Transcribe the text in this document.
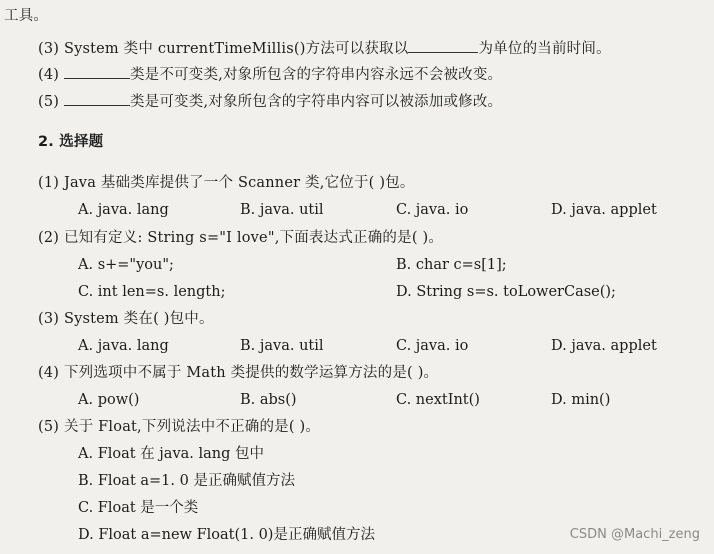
工具。
(3) System 类中 currentTimeMillis()方法可以获取以	为单位的当前时间。
(4)	类是不可变类,对象所包含的字符串内容永远不会被改变。
(5)	类是可变类,对象所包含的字符串内容可以被添加或修改。
2. 选择题
(1) Java 基础类库提供了一个 Scanner 类,它位于( )包。
A. java. lang	B. java. util	C. java. io	D. java. applet
(2) 已知有定义: String s="I love",下面表达式正确的是( )。
A. s+="you";	B. char c=s[1];
C. int len=s. length;	D. String s=s. toLowerCase();
(3) System 类在( )包中。
A. java. lang	B. java. util	C. java. io	D. java. applet
(4) 下列选项中不属于 Math 类提供的数学运算方法的是( )。
A. pow()	B. abs()	C. nextInt()	D. min()
(5) 关于 Float,下列说法中不正确的是( )。
A. Float 在 java. lang 包中
B. Float a=1. 0 是正确赋值方法
C. Float 是一个类
D. Float a=new Float(1. 0)是正确赋值方法	CSDN @Machi_zeng
